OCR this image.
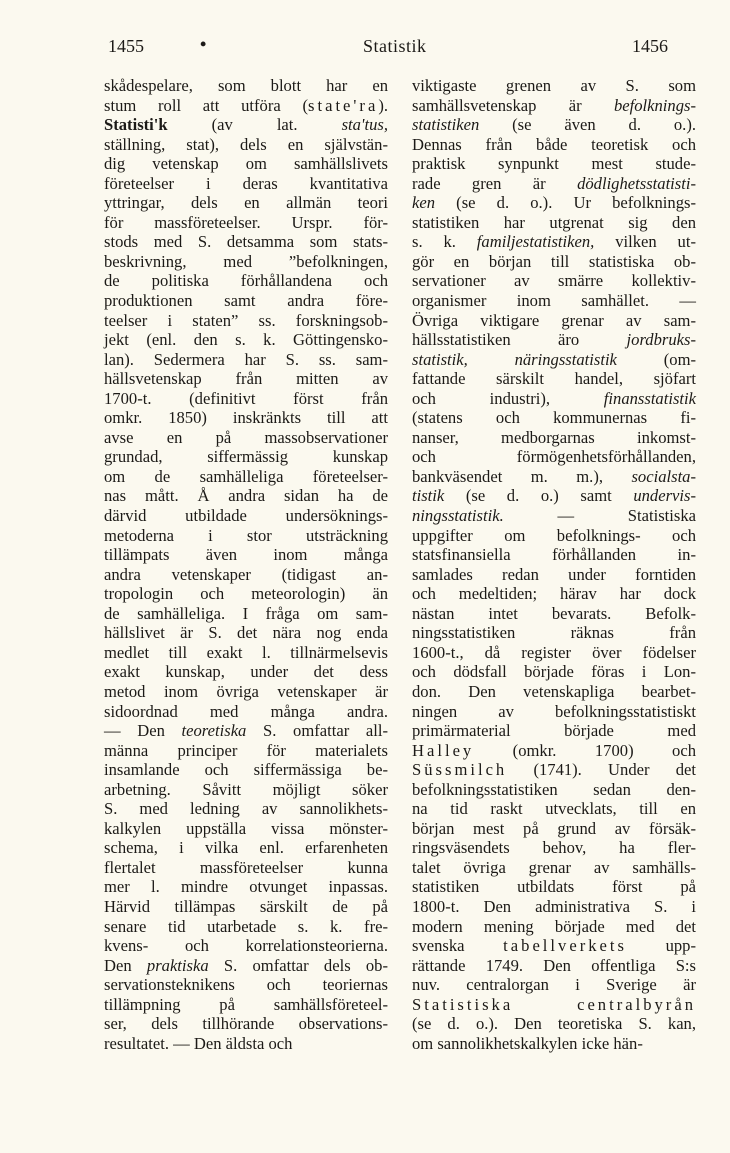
1455	•	Statistik	1456
skådespelare, som blott har en
stum roll att utföra (state'ra).
Statisti'k (av lat. sta'tus,
ställning, stat), dels en självstän-
dig vetenskap om samhällslivets
företeelser i deras kvantitativa
yttringar, dels en allmän teori
för massföreteelser. Urspr. för-
stods med S. detsamma som stats-
beskrivning, med ”befolkningen,
de politiska förhållandena och
produktionen samt andra före-
teelser i staten” ss. forskningsob-
jekt (enl. den s. k. Göttingensko-
lan). Sedermera har S. ss. sam-
hällsvetenskap från mitten av
1700-t. (definitivt först från
omkr. 1850) inskränkts till att
avse en på massobservationer
grundad, siffermässig kunskap
om de samhälleliga företeelser-
nas mått. Å andra sidan ha de
därvid utbildade undersöknings-
metoderna i stor utsträckning
tillämpats även inom många
andra vetenskaper (tidigast an-
tropologin och meteorologin) än
de samhälleliga. I fråga om sam-
hällslivet är S. det nära nog enda
medlet till exakt l. tillnärmelsevis
exakt kunskap, under det dess
metod inom övriga vetenskaper är
sidoordnad med många andra.
— Den teoretiska S. omfattar all-
männa principer för materialets
insamlande och siffermässiga be-
arbetning. Såvitt möjligt söker
S. med ledning av sannolikhets-
kalkylen uppställa vissa mönster-
schema, i vilka enl. erfarenheten
flertalet massföreteelser kunna
mer l. mindre otvunget inpassas.
Härvid tillämpas särskilt de på
senare tid utarbetade s. k. fre-
kvens- och korrelationsteorierna.
Den praktiska S. omfattar dels ob-
servationsteknikens och teoriernas
tillämpning på samhällsföreteel-
ser, dels tillhörande observations-
resultatet. — Den äldsta och
viktigaste grenen av S. som
samhällsvetenskap är befolknings-
statistiken (se även d. o.).
Dennas från både teoretisk och
praktisk synpunkt mest stude-
rade gren är dödlighetsstatisti-
ken (se d. o.). Ur befolknings-
statistiken har utgrenat sig den
s. k. familjestatistiken, vilken ut-
gör en början till statistiska ob-
servationer av smärre kollektiv-
organismer inom samhället. —
Övriga viktigare grenar av sam-
hällsstatistiken äro jordbruks-
statistik, näringsstatistik (om-
fattande särskilt handel, sjöfart
och industri), finansstatistik
(statens och kommunernas fi-
nanser, medborgarnas inkomst-
och förmögenhetsförhållanden,
bankväsendet m. m.), socialsta-
tistik (se d. o.) samt undervis-
ningsstatistik. — Statistiska
uppgifter om befolknings- och
statsfinansiella förhållanden in-
samlades redan under forntiden
och medeltiden; härav har dock
nästan intet bevarats. Befolk-
ningsstatistiken räknas från
1600-t., då register över födelser
och dödsfall började föras i Lon-
don. Den vetenskapliga bearbet-
ningen av befolkningsstatistiskt
primärmaterial började med
Halley (omkr. 1700) och
Süssmilch (1741). Under det
befolkningsstatistiken sedan den-
na tid raskt utvecklats, till en
början mest på grund av försäk-
ringsväsendets behov, ha fler-
talet övriga grenar av samhälls-
statistiken utbildats först på
1800-t. Den administrativa S. i
modern mening började med det
svenska tabellverkets upp-
rättande 1749. Den offentliga S:s
nuv. centralorgan i Sverige är
Statistiska centralbyrån
(se d. o.). Den teoretiska S. kan,
om sannolikhetskalkylen icke hän-
